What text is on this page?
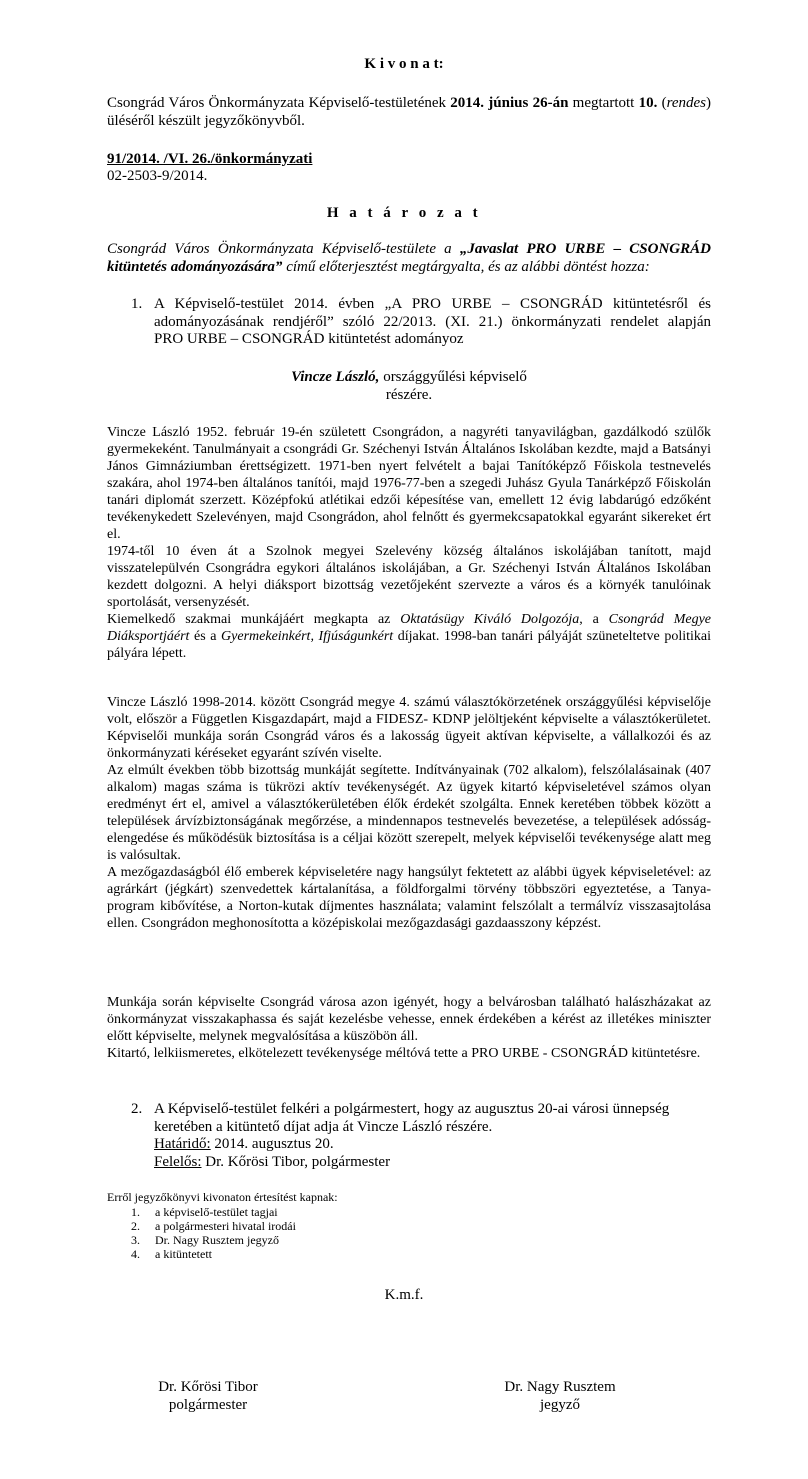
K i v o n a t:
Csongrád Város Önkormányzata Képviselő-testületének 2014. június 26-án megtartott 10. (rendes) üléséről készült jegyzőkönyvből.
91/2014. /VI. 26./önkormányzati
02-2503-9/2014.
H a t á r o z a t
Csongrád Város Önkormányzata Képviselő-testülete a „Javaslat PRO URBE – CSONGRÁD kitüntetés adományozására” című előterjesztést megtárgyalta, és az alábbi döntést hozza:
1. A Képviselő-testület 2014. évben „A PRO URBE – CSONGRÁD kitüntetésről és
adományozásának rendjéről” szóló 22/2013. (XI. 21.) önkormányzati rendelet alapján
PRO URBE – CSONGRÁD kitüntetést adományoz
Vincze László, országgyűlési képviselő
részére.
Vincze László 1952. február 19-én született Csongrádon, a nagyréti tanyavilágban, gazdálkodó szülők gyermekeként. Tanulmányait a csongrádi Gr. Széchenyi István Általános Iskolában kezdte, majd a Batsányi János Gimnáziumban érettségizett. 1971-ben nyert felvételt a bajai Tanítóképző Főiskola testnevelés szakára, ahol 1974-ben általános tanítói, majd 1976-77-ben a szegedi Juhász Gyula Tanárképző Főiskolán tanári diplomát szerzett. Középfokú atlétikai edzői képesítése van, emellett 12 évig labdarúgó edzőként tevékenykedett Szelevényen, majd Csongrádon, ahol felnőtt és gyermekcsapatokkal egyaránt sikereket ért el.
1974-től 10 éven át a Szolnok megyei Szelevény község általános iskolájában tanított, majd visszatelepülvén Csongrádra egykori általános iskolájában, a Gr. Széchenyi István Általános Iskolában kezdett dolgozni. A helyi diáksport bizottság vezetőjeként szervezte a város és a környék tanulóinak sportolását, versenyzését.
Kiemelkedő szakmai munkájáért megkapta az Oktatásügy Kiváló Dolgozója, a Csongrád Megye Diáksportjáért és a Gyermekeinkért, Ifjúságunkért díjakat. 1998-ban tanári pályáját szüneteltetve politikai pályára lépett.
Vincze László 1998-2014. között Csongrád megye 4. számú választókörzetének országgyűlési képviselője volt, először a Független Kisgazdapárt, majd a FIDESZ- KDNP jelöltjeként képviselte a választókerületet. Képviselői munkája során Csongrád város és a lakosság ügyeit aktívan képviselte, a vállalkozói és az önkormányzati kéréseket egyaránt szívén viselte.
Az elmúlt években több bizottság munkáját segítette. Indítványainak (702 alkalom), felszólalásainak (407 alkalom) magas száma is tükrözi aktív tevékenységét. Az ügyek kitartó képviseletével számos olyan eredményt ért el, amivel a választókerületében élők érdekét szolgálta. Ennek keretében többek között a települések árvízbiztonságának megőrzése, a mindennapos testnevelés bevezetése, a települések adósság-elengedése és működésük biztosítása is a céljai között szerepelt, melyek képviselői tevékenysége alatt meg is valósultak.
A mezőgazdaságból élő emberek képviseletére nagy hangsúlyt fektetett az alábbi ügyek képviseletével: az agrárkárt (jégkárt) szenvedettek kártalanítása, a földforgalmi törvény többszöri egyeztetése, a Tanya-program kibővítése, a Norton-kutak díjmentes használata; valamint felszólalt a termálvíz visszasajtolása ellen. Csongrádon meghonosította a középiskolai mezőgazdasági gazdaasszony képzést.
Munkája során képviselte Csongrád városa azon igényét, hogy a belvárosban található halászházakat az önkormányzat visszakaphassa és saját kezelésbe vehesse, ennek érdekében a kérést az illetékes miniszter előtt képviselte, melynek megvalósítása a küszöbön áll.
Kitartó, lelkiismeretes, elkötelezett tevékenysége méltóvá tette a PRO URBE - CSONGRÁD kitüntetésre.
2. A Képviselő-testület felkéri a polgármestert, hogy az augusztus 20-ai városi ünnepség
keretében a kitüntető díjat adja át Vincze László részére.
Határidő: 2014. augusztus 20.
Felelős: Dr. Kőrösi Tibor, polgármester
Erről jegyzőkönyvi kivonaton értesítést kapnak:
1. a képviselő-testület tagjai
2. a polgármesteri hivatal irodái
3. Dr. Nagy Rusztem jegyző
4. a kitüntetett
K.m.f.
Dr. Kőrösi Tibor
polgármester
Dr. Nagy Rusztem
jegyző
